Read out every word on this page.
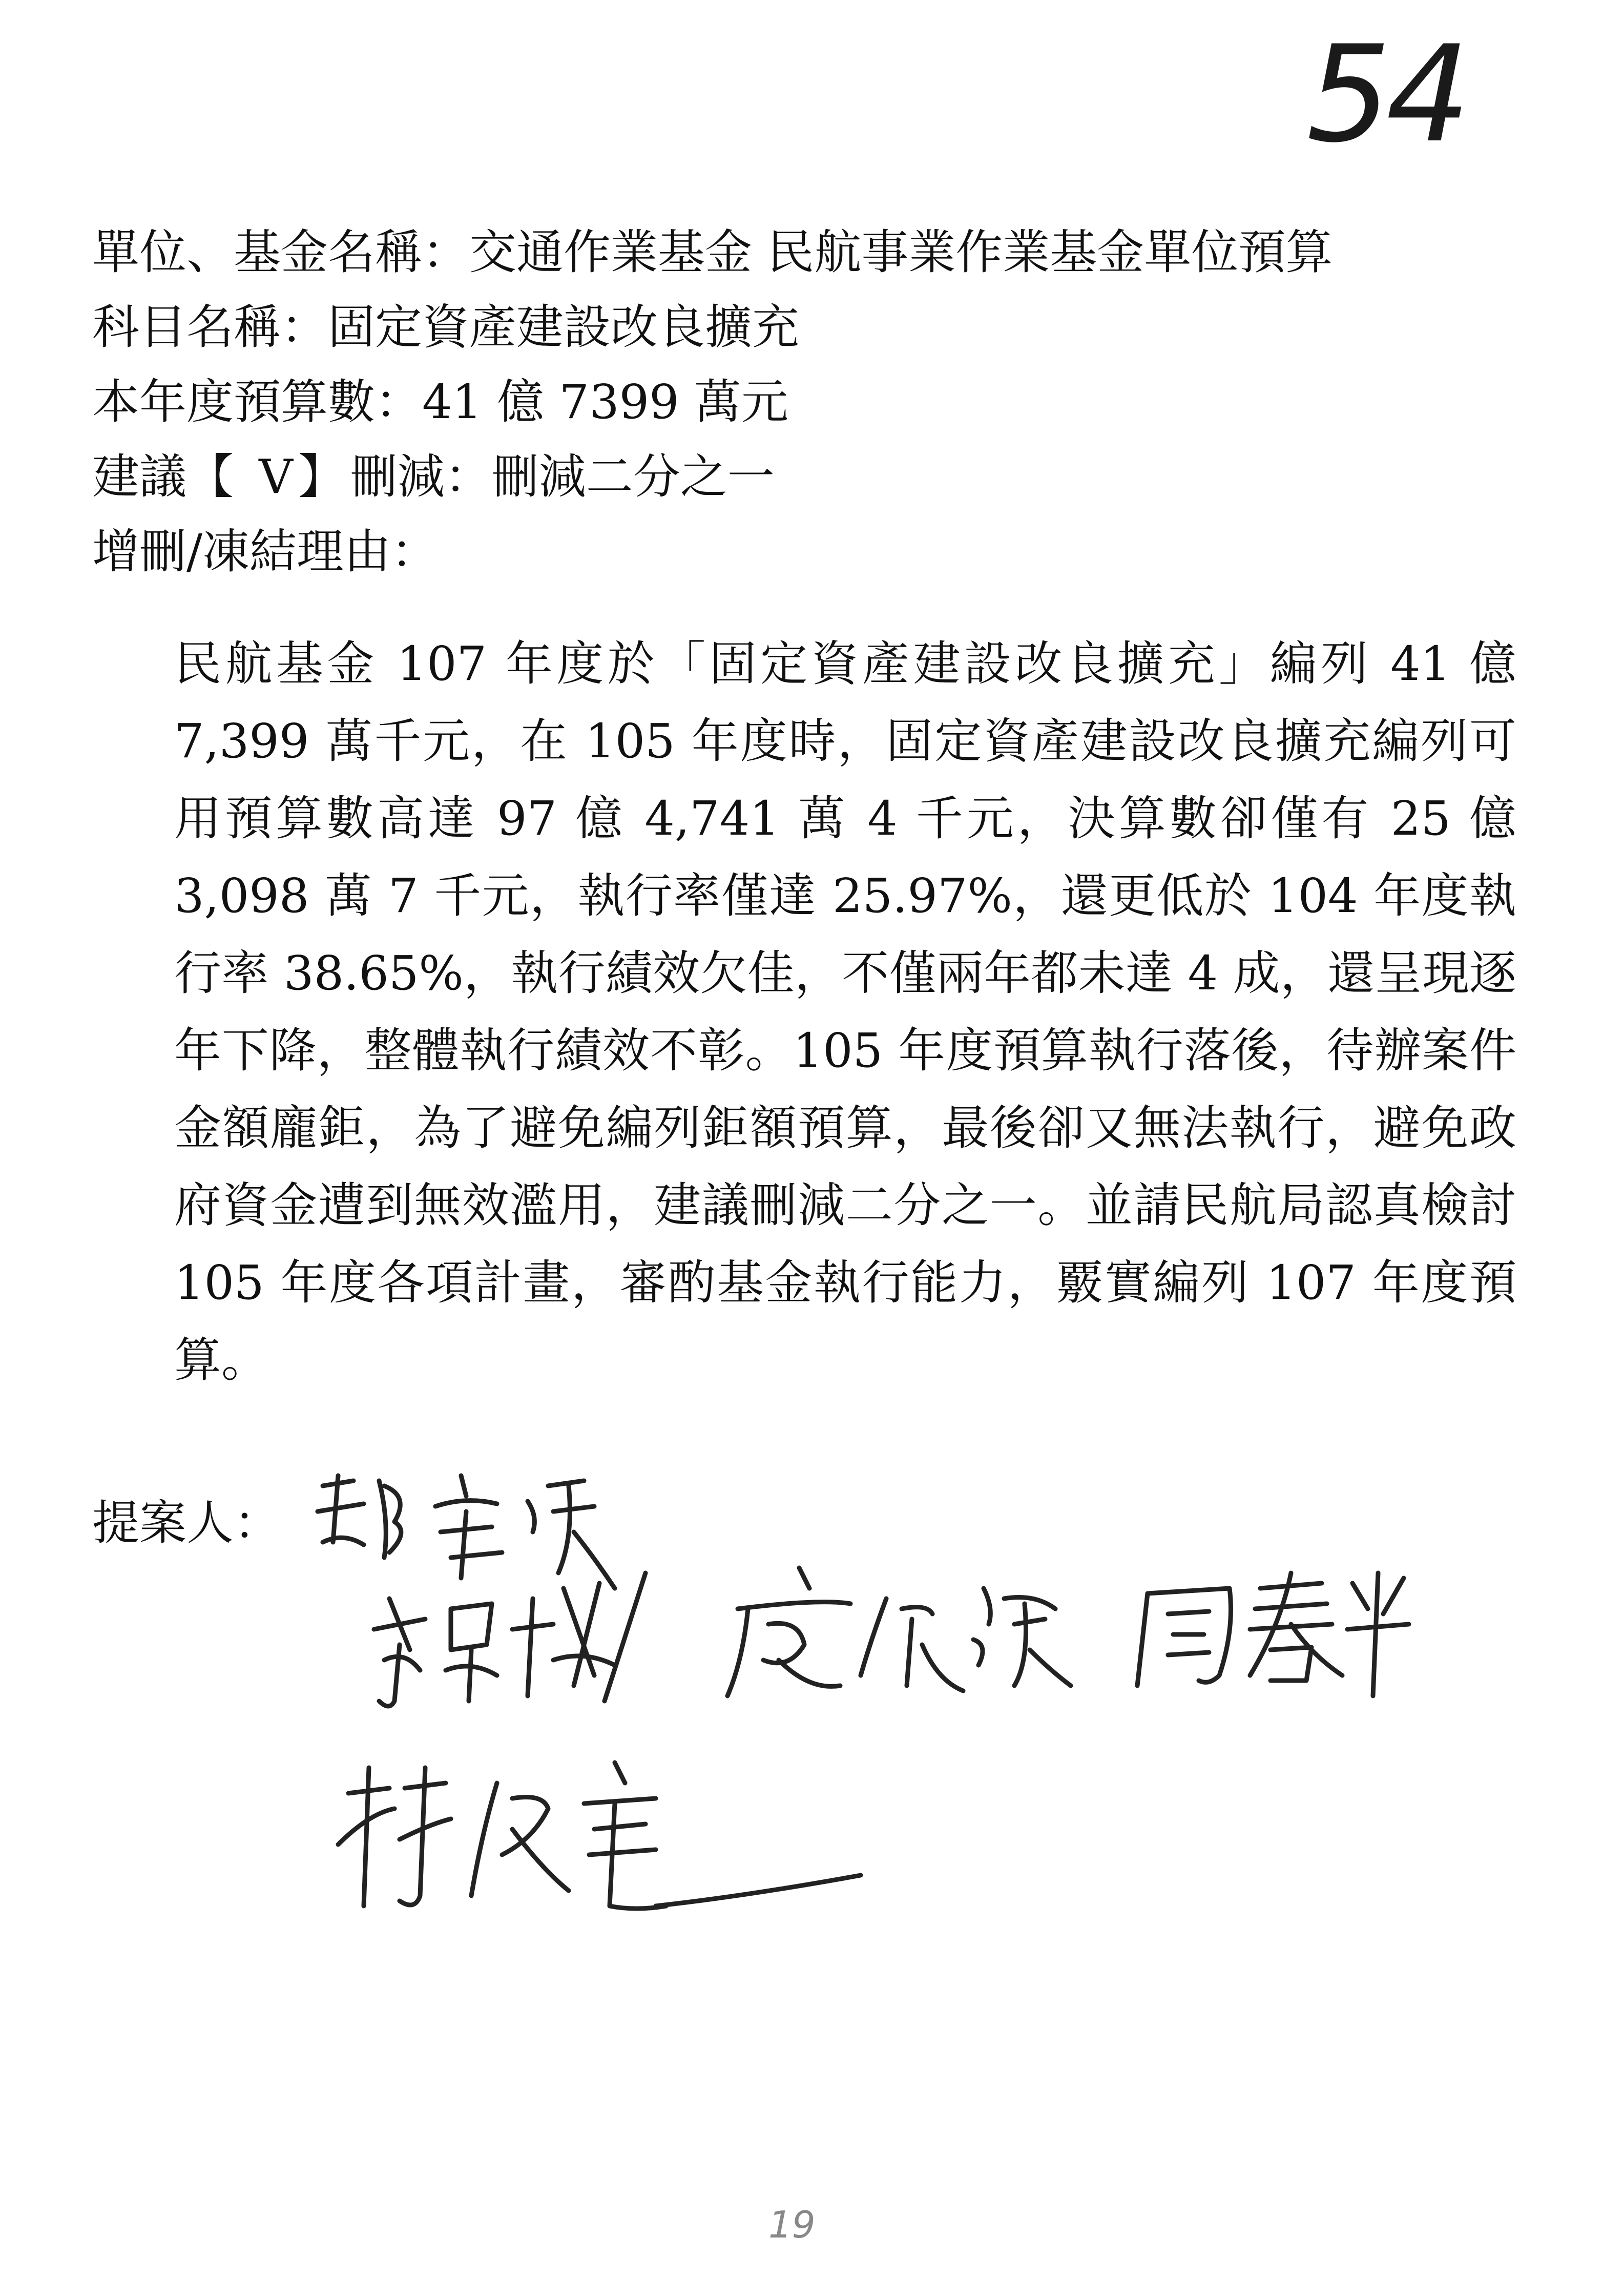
54

單位、基金名稱：交通作業基金 民航事業作業基金單位預算

科目名稱：固定資產建設改良擴充

本年度預算數：41 億 7399 萬元

建議【 V】刪減：刪減二分之一

增刪/凍結理由：

民航基金 107 年度於「固定資產建設改良擴充」編列 41 億 7,399 萬千元，在 105 年度時，固定資產建設改良擴充編列可用預算數高達 97 億 4,741 萬 4 千元，決算數卻僅有 25 億 3,098 萬 7 千元，執行率僅達 25.97%，還更低於 104 年度執行率 38.65%，執行績效欠佳，不僅兩年都未達 4 成，還呈現逐年下降，整體執行績效不彰。105 年度預算執行落後，待辦案件金額龐鉅，為了避免編列鉅額預算，最後卻又無法執行，避免政府資金遭到無效濫用，建議刪減二分之一。並請民航局認真檢討 105 年度各項計畫，審酌基金執行能力，覈實編列 107 年度預算。

提案人：
19
